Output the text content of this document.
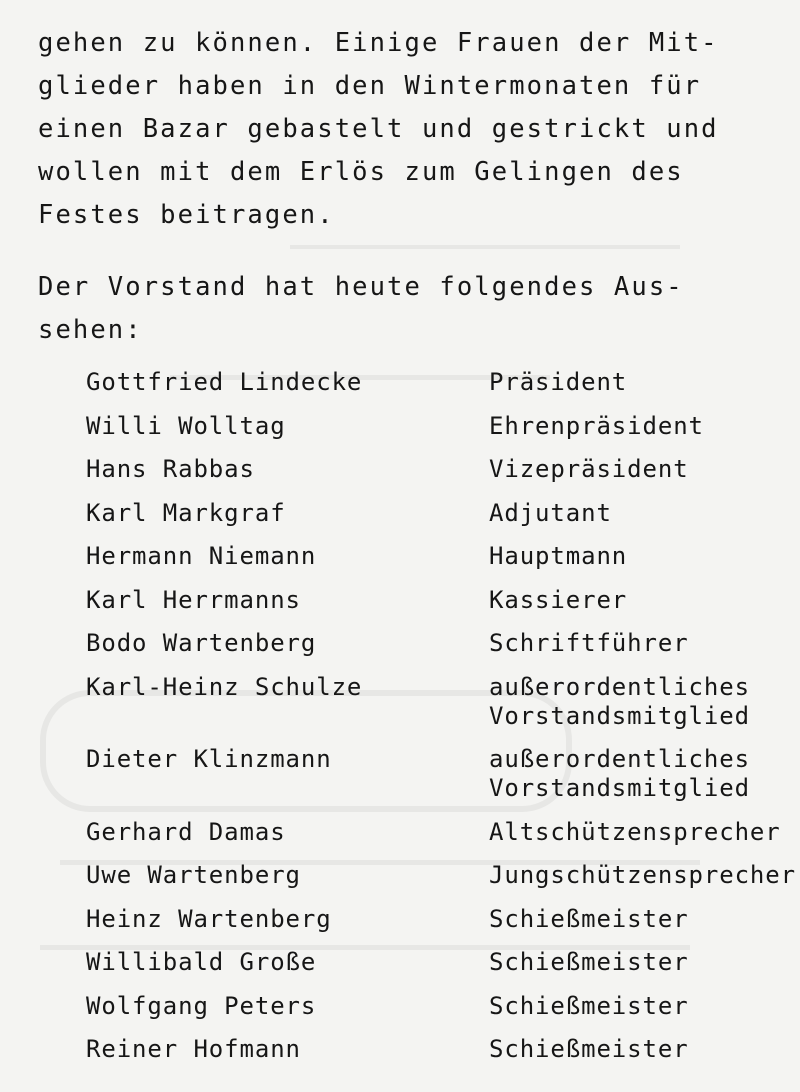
gehen zu können. Einige Frauen der Mit-
glieder haben in den Wintermonaten für
einen Bazar gebastelt und gestrickt und
wollen mit dem Erlös zum Gelingen des
Festes beitragen.
Der Vorstand hat heute folgendes Aus-
sehen:
Gottfried Lindecke	Präsident
Willi Wolltag	Ehrenpräsident
Hans Rabbas	Vizepräsident
Karl Markgraf	Adjutant
Hermann Niemann	Hauptmann
Karl Herrmanns	Kassierer
Bodo Wartenberg	Schriftführer
Karl-Heinz Schulze	außerordentliches
Vorstandsmitglied
Dieter Klinzmann	außerordentliches
Vorstandsmitglied
Gerhard Damas	Altschützensprecher
Uwe Wartenberg	Jungschützensprecher
Heinz Wartenberg	Schießmeister
Willibald Große	Schießmeister
Wolfgang Peters	Schießmeister
Reiner Hofmann	Schießmeister
